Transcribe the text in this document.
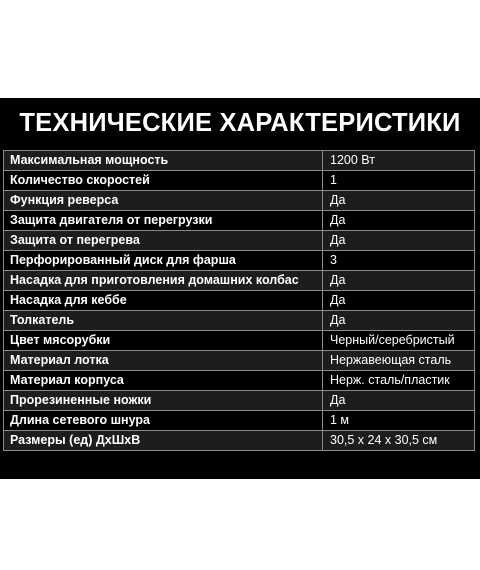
ТЕХНИЧЕСКИЕ ХАРАКТЕРИСТИКИ
Максимальная мощность	1200 Вт
Количество скоростей	1
Функция реверса	Да
Защита двигателя от перегрузки	Да
Защита от перегрева	Да
Перфорированный диск для фарша	3
Насадка для приготовления домашних колбас	Да
Насадка для кеббе	Да
Толкатель	Да
Цвет мясорубки	Черный/серебристый
Материал лотка	Нержавеющая сталь
Материал корпуса	Нерж. сталь/пластик
Прорезиненные ножки	Да
Длина сетевого шнура	1 м
Размеры (ед) ДхШхВ	30,5 x 24 x 30,5 см
